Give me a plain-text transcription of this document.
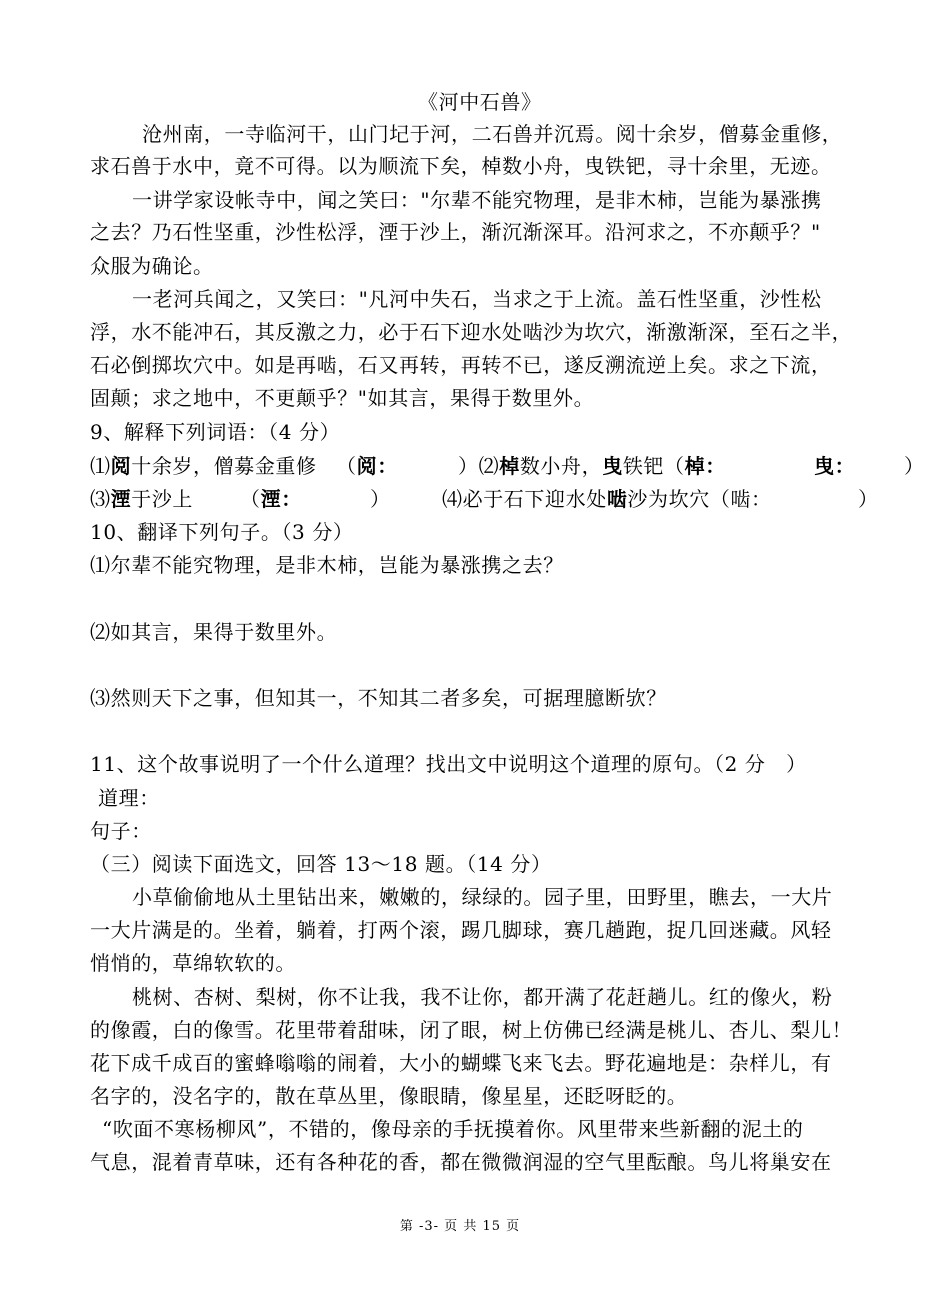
《河中石兽》
沧州南，一寺临河干，山门圮于河，二石兽并沉焉。阅十余岁，僧募金重修，
求石兽于水中，竟不可得。以为顺流下矣，棹数小舟，曳铁钯，寻十余里，无迹。
一讲学家设帐寺中，闻之笑曰："尔辈不能究物理，是非木柿，岂能为暴涨携
之去？乃石性坚重，沙性松浮，湮于沙上，渐沉渐深耳。沿河求之，不亦颠乎？"
众服为确论。
一老河兵闻之，又笑曰："凡河中失石，当求之于上流。盖石性坚重，沙性松
浮，水不能冲石，其反激之力，必于石下迎水处啮沙为坎穴，渐激渐深，至石之半，
石必倒掷坎穴中。如是再啮，石又再转，再转不已，遂反溯流逆上矣。求之下流，
固颠；求之地中，不更颠乎？"如其言，果得于数里外。
9、解释下列词语：（4 分）
⑴阅十余岁，僧募金重修 （阅：	）⑵棹数小舟，曳铁钯（棹：	曳： ）
⑶湮于沙上 （湮：	）	⑷必于石下迎水处啮沙为坎穴（啮：	）
10、翻译下列句子。（3 分）
⑴尔辈不能究物理，是非木柿，岂能为暴涨携之去？
⑵如其言，果得于数里外。
⑶然则天下之事，但知其一，不知其二者多矣，可据理臆断欤？
11、这个故事说明了一个什么道理？找出文中说明这个道理的原句。（2 分　）
道理：
句子：
（三）阅读下面选文，回答 13～18 题。（14 分）
小草偷偷地从土里钻出来，嫩嫩的，绿绿的。园子里，田野里，瞧去，一大片
一大片满是的。坐着，躺着，打两个滚，踢几脚球，赛几趟跑，捉几回迷藏。风轻
悄悄的，草绵软软的。
桃树、杏树、梨树，你不让我，我不让你，都开满了花赶趟儿。红的像火，粉
的像霞，白的像雪。花里带着甜味，闭了眼，树上仿佛已经满是桃儿、杏儿、梨儿！
花下成千成百的蜜蜂嗡嗡的闹着，大小的蝴蝶飞来飞去。野花遍地是：杂样儿，有
名字的，没名字的，散在草丛里，像眼睛，像星星，还眨呀眨的。
“吹面不寒杨柳风”，不错的，像母亲的手抚摸着你。风里带来些新翻的泥土的
气息，混着青草味，还有各种花的香，都在微微润湿的空气里酝酿。鸟儿将巢安在
第 -3- 页 共 15 页
